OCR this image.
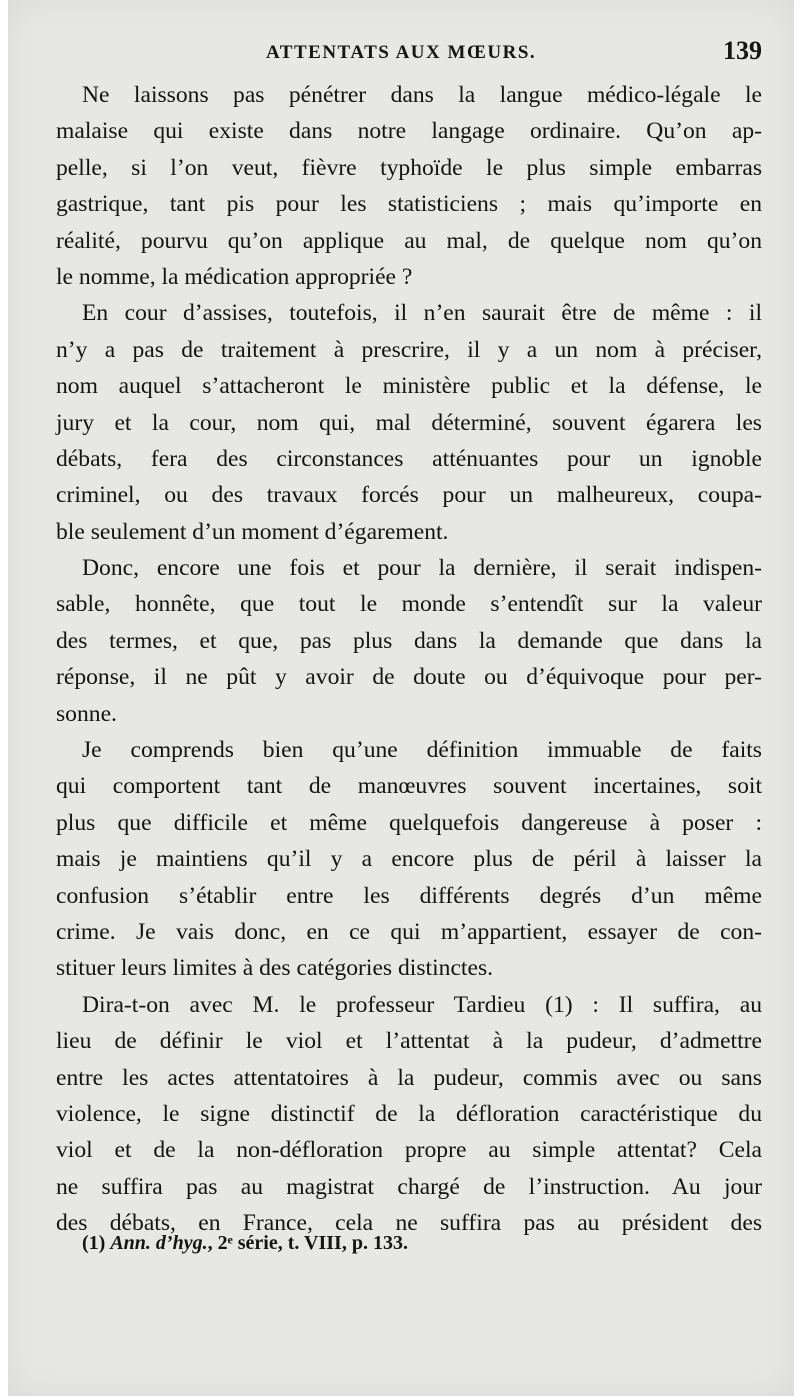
ATTENTATS AUX MŒURS.	139
Ne laissons pas pénétrer dans la langue médico-légale le
malaise qui existe dans notre langage ordinaire. Qu’on ap-
pelle, si l’on veut, fièvre typhoïde le plus simple embarras
gastrique, tant pis pour les statisticiens ; mais qu’importe en
réalité, pourvu qu’on applique au mal, de quelque nom qu’on
le nomme, la médication appropriée ?
En cour d’assises, toutefois, il n’en saurait être de même : il
n’y a pas de traitement à prescrire, il y a un nom à préciser,
nom auquel s’attacheront le ministère public et la défense, le
jury et la cour, nom qui, mal déterminé, souvent égarera les
débats, fera des circonstances atténuantes pour un ignoble
criminel, ou des travaux forcés pour un malheureux, coupa-
ble seulement d’un moment d’égarement.
Donc, encore une fois et pour la dernière, il serait indispen-
sable, honnête, que tout le monde s’entendît sur la valeur
des termes, et que, pas plus dans la demande que dans la
réponse, il ne pût y avoir de doute ou d’équivoque pour per-
sonne.
Je comprends bien qu’une définition immuable de faits
qui comportent tant de manœuvres souvent incertaines, soit
plus que difficile et même quelquefois dangereuse à poser :
mais je maintiens qu’il y a encore plus de péril à laisser la
confusion s’établir entre les différents degrés d’un même
crime. Je vais donc, en ce qui m’appartient, essayer de con-
stituer leurs limites à des catégories distinctes.
Dira-t-on avec M. le professeur Tardieu (1) : Il suffira, au
lieu de définir le viol et l’attentat à la pudeur, d’admettre
entre les actes attentatoires à la pudeur, commis avec ou sans
violence, le signe distinctif de la défloration caractéristique du
viol et de la non-défloration propre au simple attentat? Cela
ne suffira pas au magistrat chargé de l’instruction. Au jour
des débats, en France, cela ne suffira pas au président des
(1) Ann. d’hyg., 2ᵉ série, t. VIII, p. 133.
